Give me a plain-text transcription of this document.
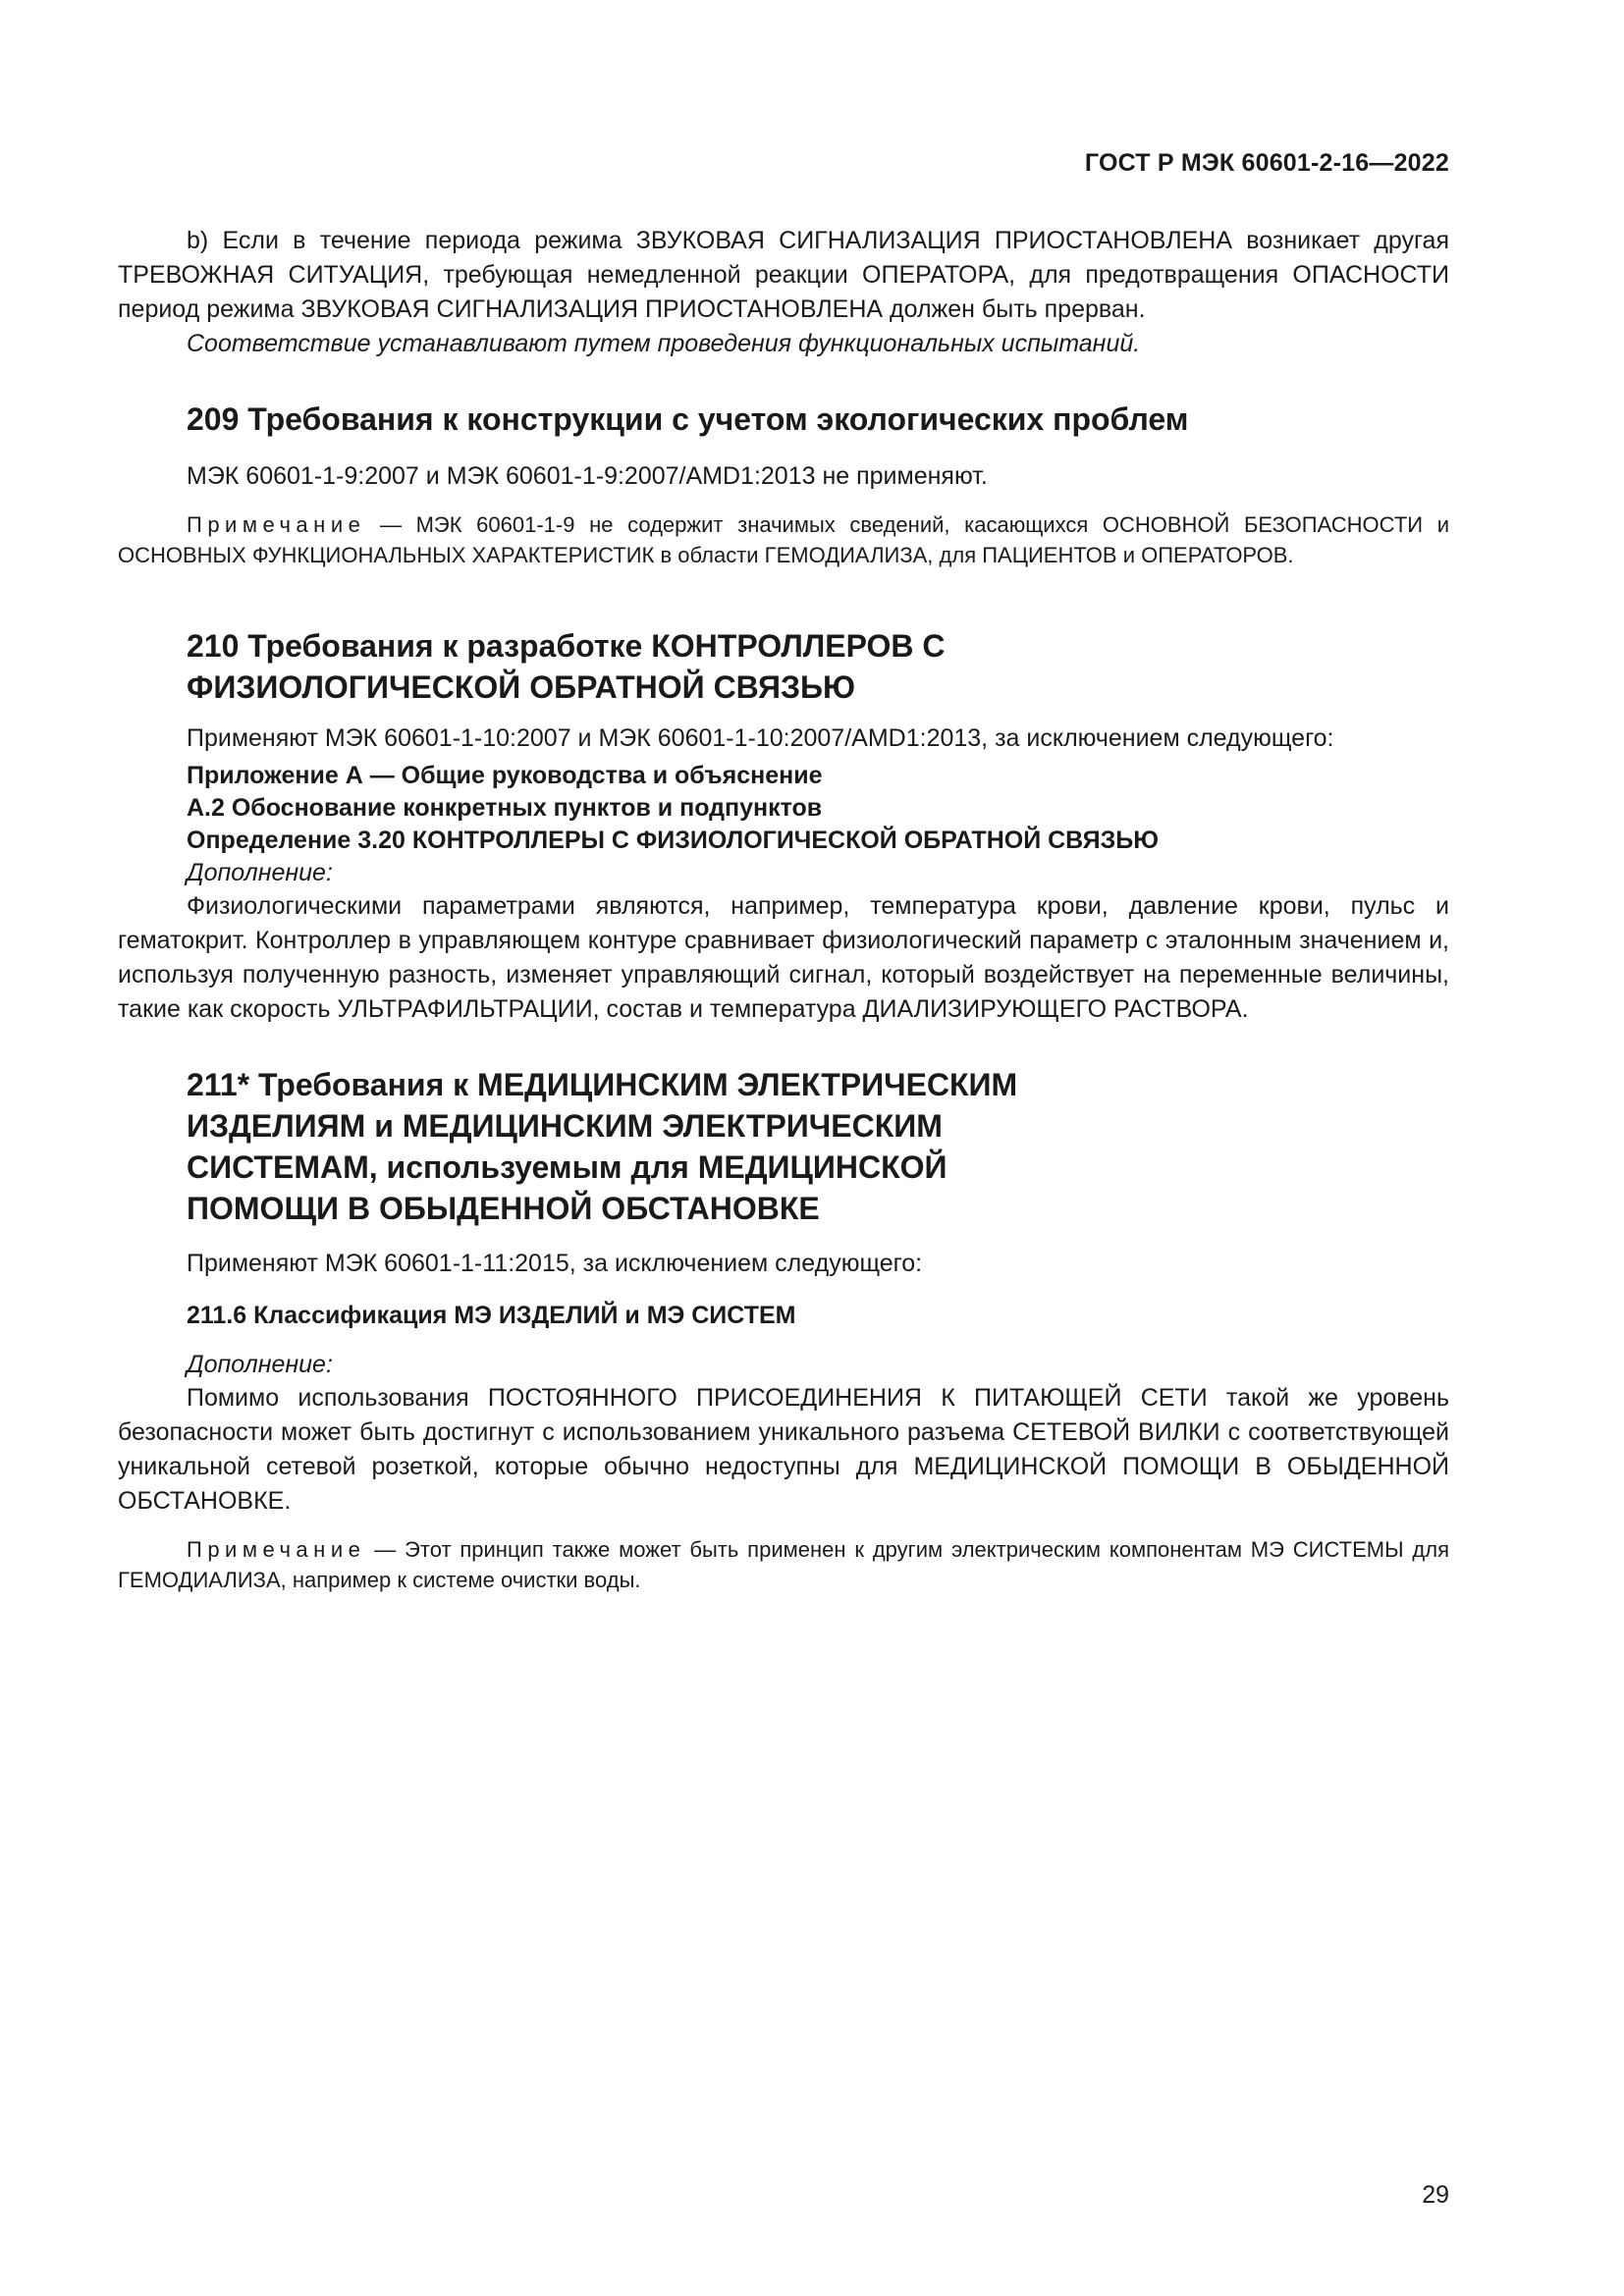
ГОСТ Р МЭК 60601-2-16—2022

b) Если в течение периода режима ЗВУКОВАЯ СИГНАЛИЗАЦИЯ ПРИОСТАНОВЛЕНА возникает другая ТРЕВОЖНАЯ СИТУАЦИЯ, требующая немедленной реакции ОПЕРАТОРА, для предотвращения ОПАСНОСТИ период режима ЗВУКОВАЯ СИГНАЛИЗАЦИЯ ПРИОСТАНОВЛЕНА должен быть прерван.

Соответствие устанавливают путем проведения функциональных испытаний.

209 Требования к конструкции с учетом экологических проблем

МЭК 60601-1-9:2007 и МЭК 60601-1-9:2007/AMD1:2013 не применяют.

Примечание — МЭК 60601-1-9 не содержит значимых сведений, касающихся ОСНОВНОЙ БЕЗОПАСНОСТИ и ОСНОВНЫХ ФУНКЦИОНАЛЬНЫХ ХАРАКТЕРИСТИК в области ГЕМОДИАЛИЗА, для ПАЦИЕНТОВ и ОПЕРАТОРОВ.

210 Требования к разработке КОНТРОЛЛЕРОВ С ФИЗИОЛОГИЧЕСКОЙ ОБРАТНОЙ СВЯЗЬЮ

Применяют МЭК 60601-1-10:2007 и МЭК 60601-1-10:2007/AMD1:2013, за исключением следующего:

Приложение А — Общие руководства и объяснение
А.2 Обоснование конкретных пунктов и подпунктов
Определение 3.20 КОНТРОЛЛЕРЫ С ФИЗИОЛОГИЧЕСКОЙ ОБРАТНОЙ СВЯЗЬЮ
Дополнение:

Физиологическими параметрами являются, например, температура крови, давление крови, пульс и гематокрит. Контроллер в управляющем контуре сравнивает физиологический параметр с эталонным значением и, используя полученную разность, изменяет управляющий сигнал, который воздействует на переменные величины, такие как скорость УЛЬТРАФИЛЬТРАЦИИ, состав и температура ДИАЛИЗИРУЮЩЕГО РАСТВОРА.

211* Требования к МЕДИЦИНСКИМ ЭЛЕКТРИЧЕСКИМ ИЗДЕЛИЯМ и МЕДИЦИНСКИМ ЭЛЕКТРИЧЕСКИМ СИСТЕМАМ, используемым для МЕДИЦИНСКОЙ ПОМОЩИ В ОБЫДЕННОЙ ОБСТАНОВКЕ

Применяют МЭК 60601-1-11:2015, за исключением следующего:

211.6 Классификация МЭ ИЗДЕЛИЙ и МЭ СИСТЕМ
Дополнение:

Помимо использования ПОСТОЯННОГО ПРИСОЕДИНЕНИЯ К ПИТАЮЩЕЙ СЕТИ такой же уровень безопасности может быть достигнут с использованием уникального разъема СЕТЕВОЙ ВИЛКИ с соответствующей уникальной сетевой розеткой, которые обычно недоступны для МЕДИЦИНСКОЙ ПОМОЩИ В ОБЫДЕННОЙ ОБСТАНОВКЕ.

Примечание — Этот принцип также может быть применен к другим электрическим компонентам МЭ СИСТЕМЫ для ГЕМОДИАЛИЗА, например к системе очистки воды.

29
